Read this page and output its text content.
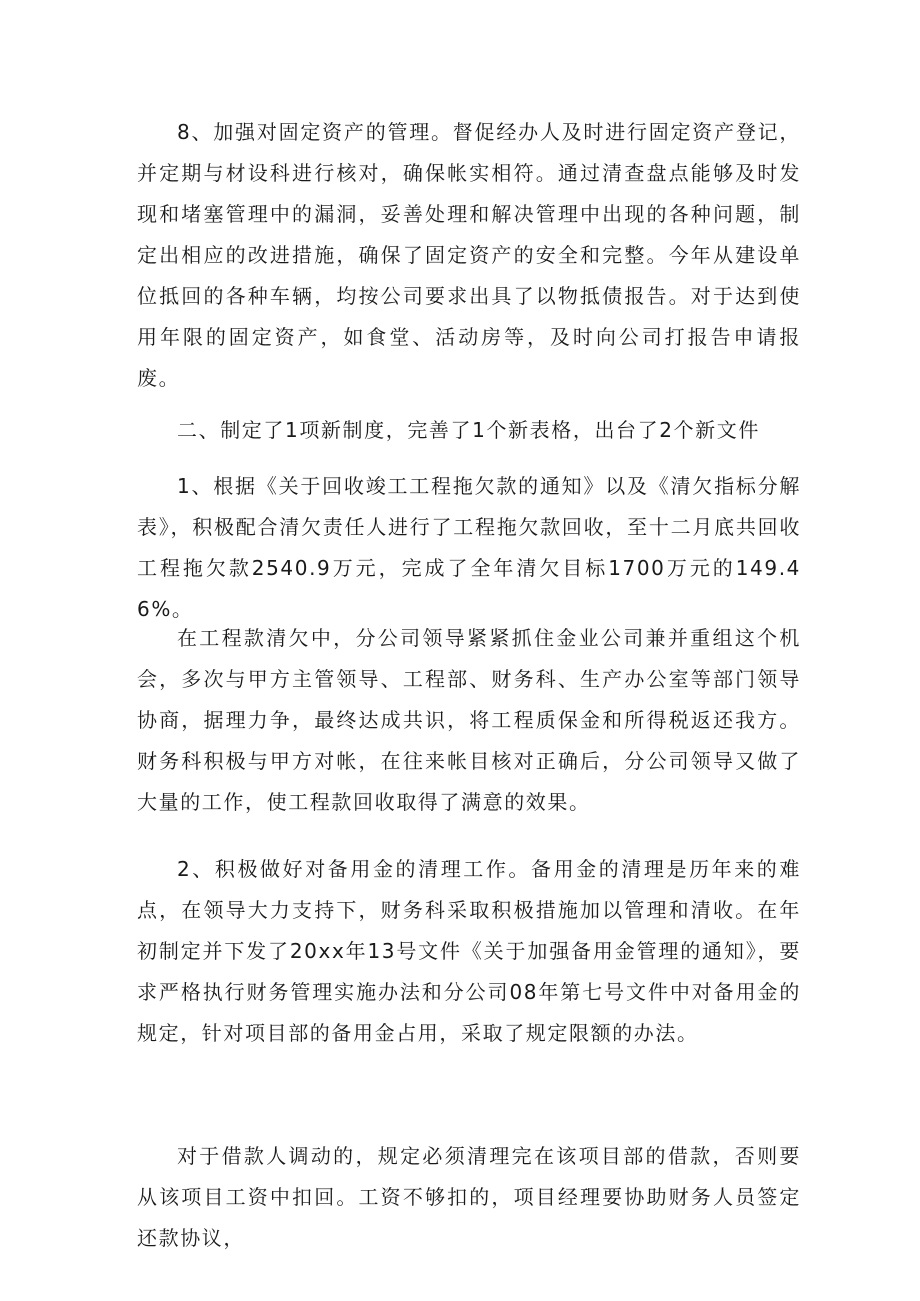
8、加强对固定资产的管理。督促经办人及时进行固定资产登记，并定期与材设科进行核对，确保帐实相符。通过清查盘点能够及时发现和堵塞管理中的漏洞，妥善处理和解决管理中出现的各种问题，制定出相应的改进措施，确保了固定资产的安全和完整。今年从建设单位抵回的各种车辆，均按公司要求出具了以物抵债报告。对于达到使用年限的固定资产，如食堂、活动房等，及时向公司打报告申请报废。

二、制定了1项新制度，完善了1个新表格，出台了2个新文件

1、根据《关于回收竣工工程拖欠款的通知》以及《清欠指标分解表》，积极配合清欠责任人进行了工程拖欠款回收，至十二月底共回收工程拖欠款2540.9万元，完成了全年清欠目标1700万元的149.46%。

在工程款清欠中，分公司领导紧紧抓住金业公司兼并重组这个机会，多次与甲方主管领导、工程部、财务科、生产办公室等部门领导协商，据理力争，最终达成共识，将工程质保金和所得税返还我方。财务科积极与甲方对帐，在往来帐目核对正确后，分公司领导又做了大量的工作，使工程款回收取得了满意的效果。

2、积极做好对备用金的清理工作。备用金的清理是历年来的难点，在领导大力支持下，财务科采取积极措施加以管理和清收。在年初制定并下发了20xx年13号文件《关于加强备用金管理的通知》，要求严格执行财务管理实施办法和分公司08年第七号文件中对备用金的规定，针对项目部的备用金占用，采取了规定限额的办法。

对于借款人调动的，规定必须清理完在该项目部的借款，否则要从该项目工资中扣回。工资不够扣的，项目经理要协助财务人员签定还款协议，
